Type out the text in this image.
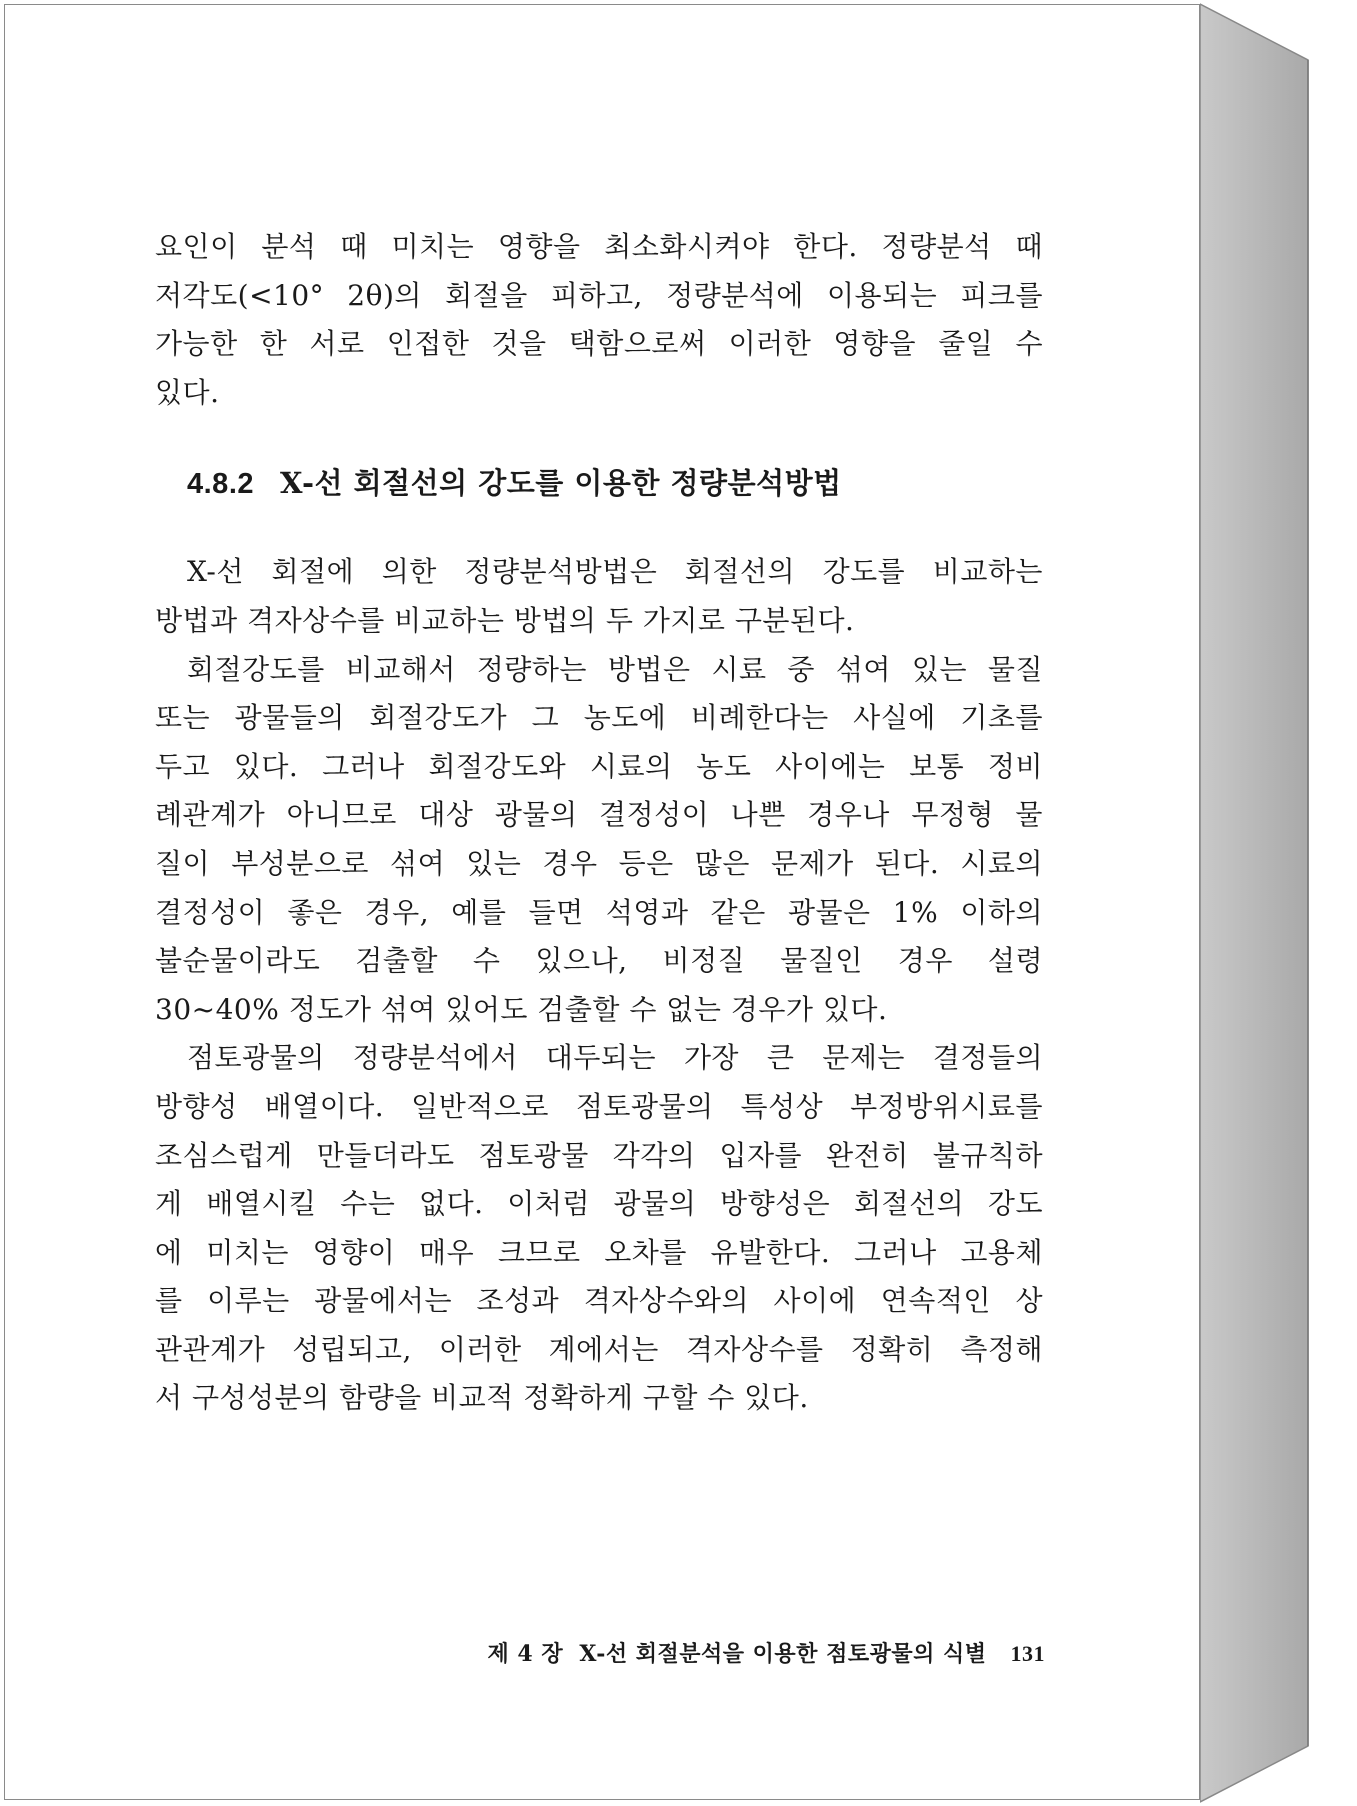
요인이 분석 때 미치는 영향을 최소화시켜야 한다. 정량분석 때
저각도(<10° 2θ)의 회절을 피하고, 정량분석에 이용되는 피크를
가능한 한 서로 인접한 것을 택함으로써 이러한 영향을 줄일 수
있다.

4.8.2 X-선 회절선의 강도를 이용한 정량분석방법

X-선 회절에 의한 정량분석방법은 회절선의 강도를 비교하는
방법과 격자상수를 비교하는 방법의 두 가지로 구분된다.

회절강도를 비교해서 정량하는 방법은 시료 중 섞여 있는 물질
또는 광물들의 회절강도가 그 농도에 비례한다는 사실에 기초를
두고 있다. 그러나 회절강도와 시료의 농도 사이에는 보통 정비
례관계가 아니므로 대상 광물의 결정성이 나쁜 경우나 무정형 물
질이 부성분으로 섞여 있는 경우 등은 많은 문제가 된다. 시료의
결정성이 좋은 경우, 예를 들면 석영과 같은 광물은 1% 이하의
불순물이라도 검출할 수 있으나, 비정질 물질인 경우 설령
30~40% 정도가 섞여 있어도 검출할 수 없는 경우가 있다.

점토광물의 정량분석에서 대두되는 가장 큰 문제는 결정들의
방향성 배열이다. 일반적으로 점토광물의 특성상 부정방위시료를
조심스럽게 만들더라도 점토광물 각각의 입자를 완전히 불규칙하
게 배열시킬 수는 없다. 이처럼 광물의 방향성은 회절선의 강도
에 미치는 영향이 매우 크므로 오차를 유발한다. 그러나 고용체
를 이루는 광물에서는 조성과 격자상수와의 사이에 연속적인 상
관관계가 성립되고, 이러한 계에서는 격자상수를 정확히 측정해
서 구성성분의 함량을 비교적 정확하게 구할 수 있다.

제 4 장 X-선 회절분석을 이용한 점토광물의 식별 131
